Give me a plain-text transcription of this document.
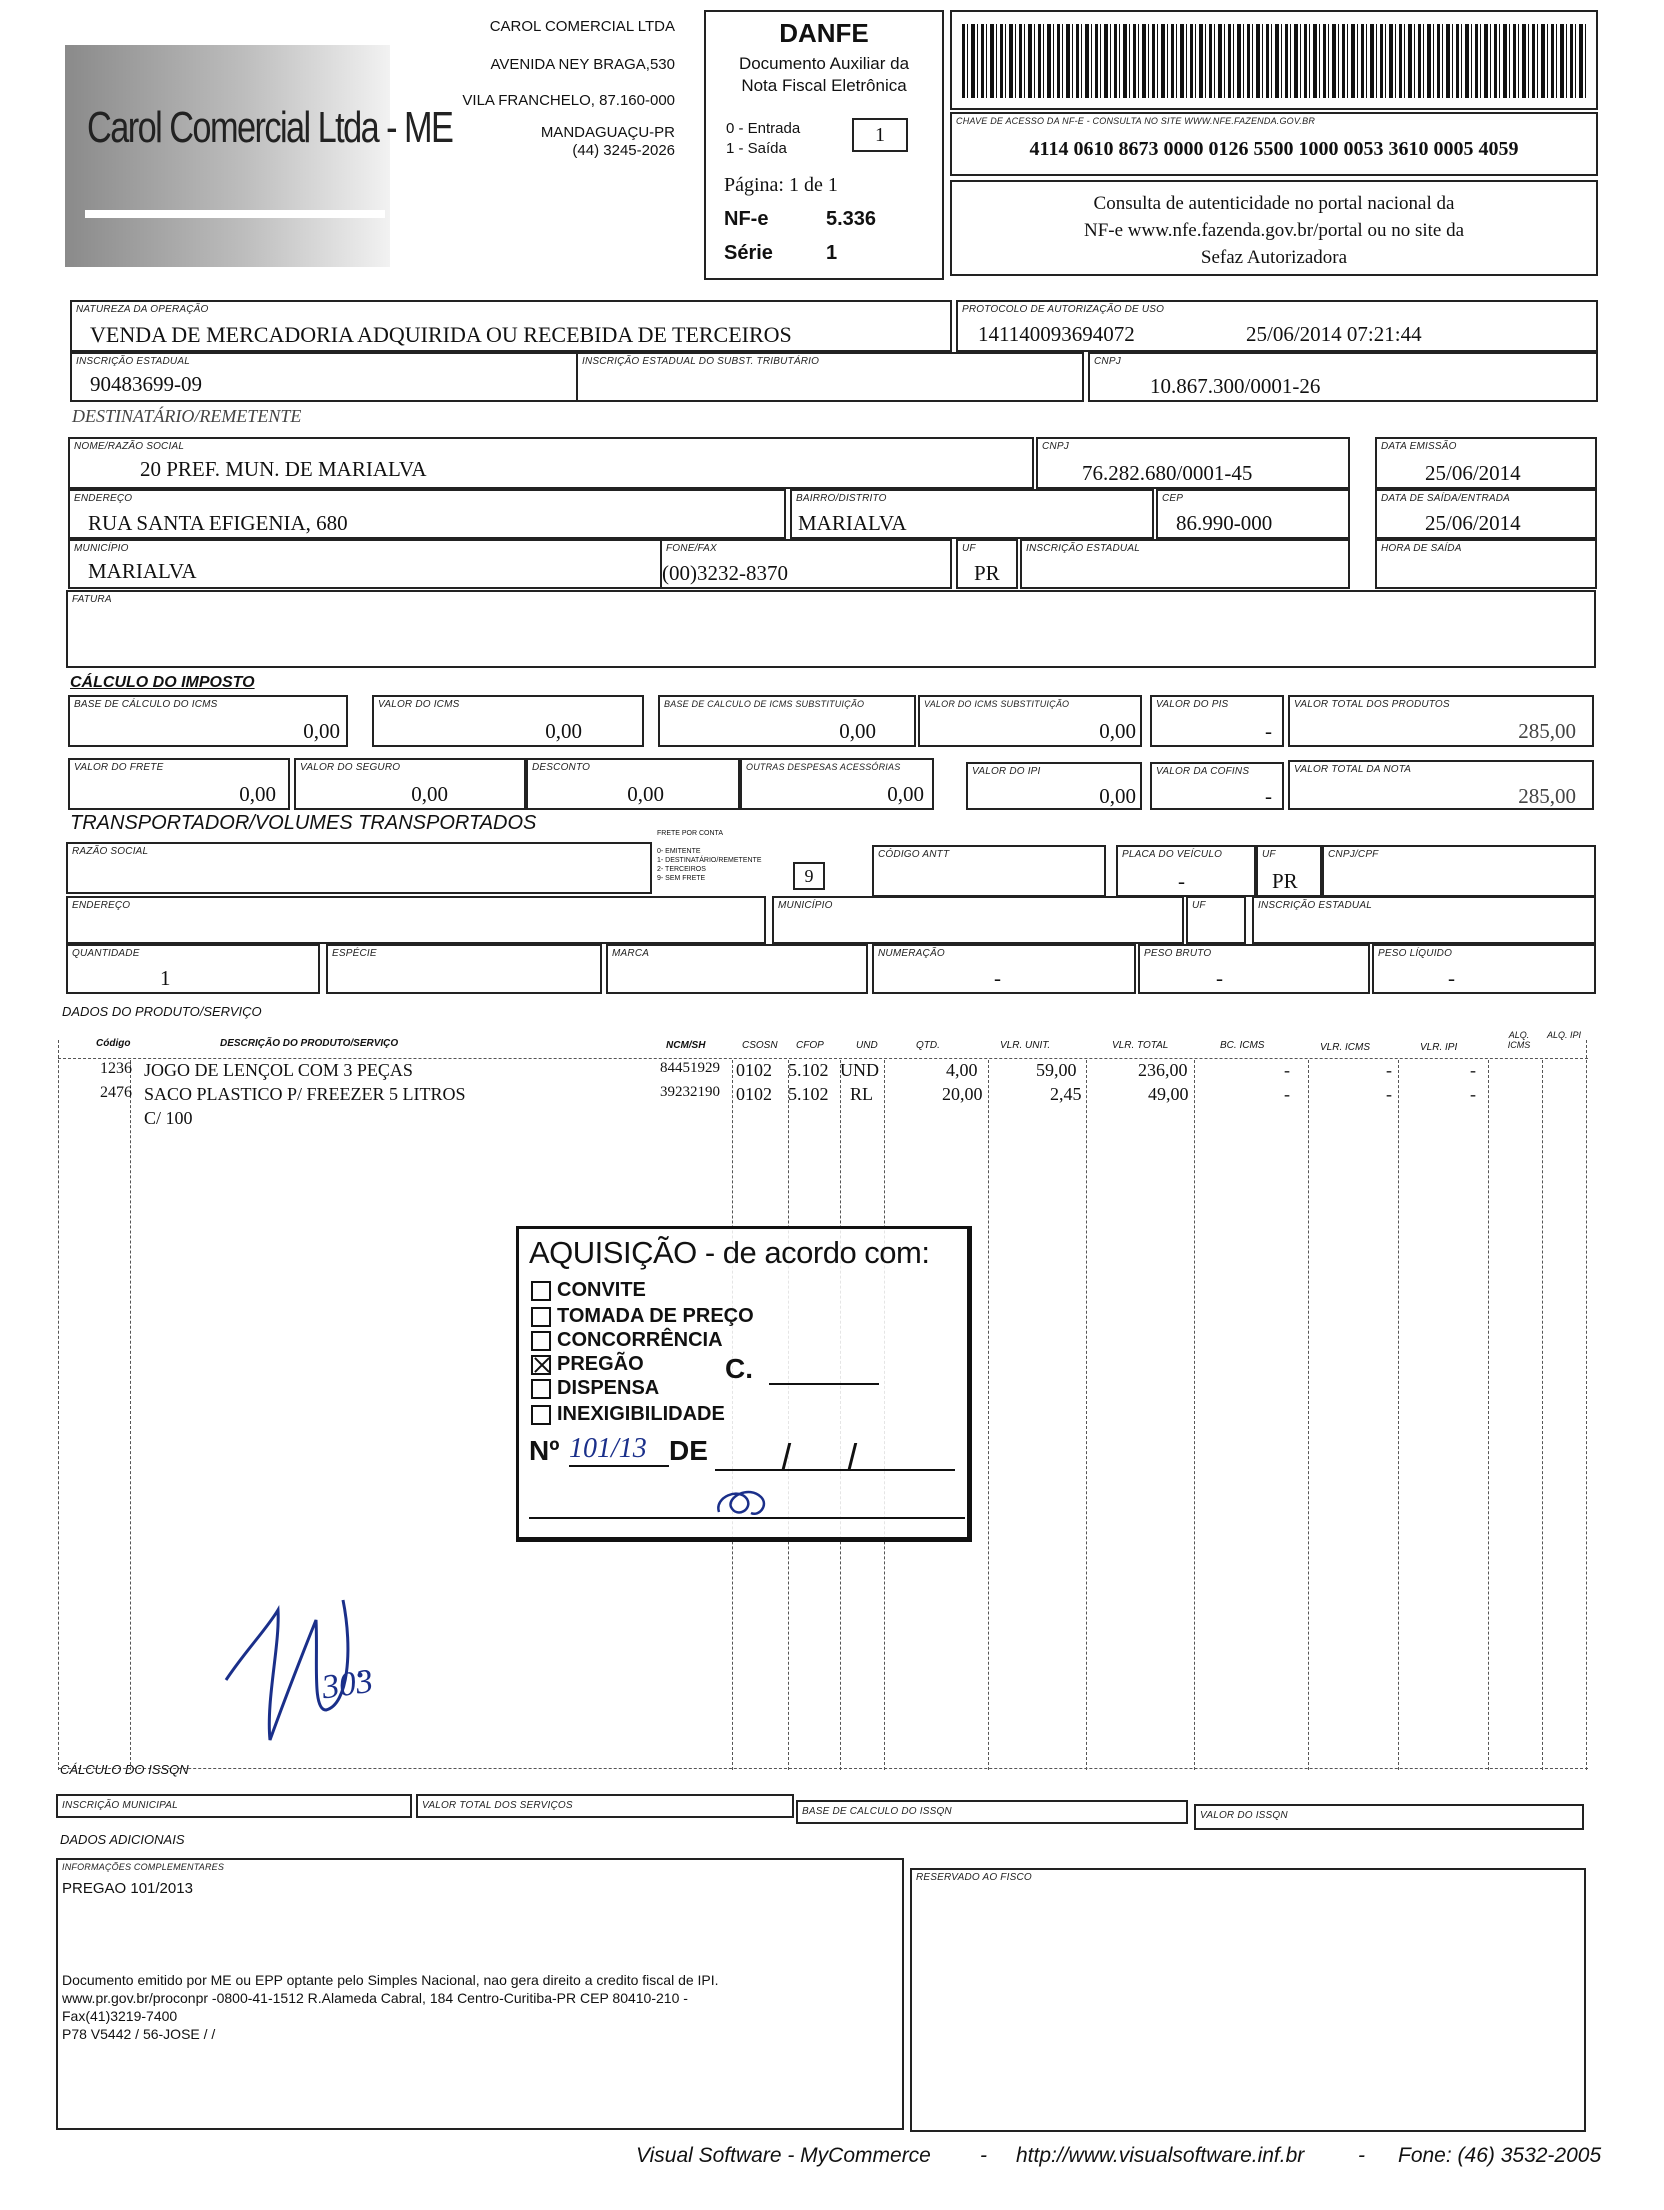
Carol Comercial Ltda - ME
CAROL COMERCIAL LTDA
AVENIDA NEY BRAGA,530
VILA FRANCHELO, 87.160-000
MANDAGUAÇU-PR
(44) 3245-2026
DANFE
Documento Auxiliar da
Nota Fiscal Eletrônica
0 - Entrada
1 - Saída
1
Página: 1 de 1
NF-e	5.336
Série	1
CHAVE DE ACESSO DA NF-E - CONSULTA NO SITE WWW.NFE.FAZENDA.GOV.BR
4114 0610 8673 0000 0126 5500 1000 0053 3610 0005 4059
Consulta de autenticidade no portal nacional da
NF-e www.nfe.fazenda.gov.br/portal ou no site da
Sefaz Autorizadora
NATUREZA DA OPERAÇÃO
VENDA DE MERCADORIA ADQUIRIDA OU RECEBIDA DE TERCEIROS
PROTOCOLO DE AUTORIZAÇÃO DE USO
141140093694072	25/06/2014 07:21:44
INSCRIÇÃO ESTADUAL
90483699-09
INSCRIÇÃO ESTADUAL DO SUBST. TRIBUTÁRIO	CNPJ
10.867.300/0001-26
DESTINATÁRIO/REMETENTE
NOME/RAZÃO SOCIAL
20 PREF. MUN. DE MARIALVA
CNPJ
76.282.680/0001-45
DATA EMISSÃO
25/06/2014
ENDEREÇO
RUA SANTA EFIGENIA, 680
BAIRRO/DISTRITO
MARIALVA
CEP
86.990-000
DATA DE SAÍDA/ENTRADA
25/06/2014
MUNICÍPIO
MARIALVA
FONE/FAX
(00)3232-8370
UF
PR
INSCRIÇÃO ESTADUAL	HORA DE SAÍDA
FATURA
CÁLCULO DO IMPOSTO
BASE DE CÁLCULO DO ICMS
0,00
VALOR DO ICMS
0,00
BASE DE CALCULO DE ICMS SUBSTITUIÇÃO
0,00
VALOR DO ICMS SUBSTITUIÇÃO
0,00
VALOR DO PIS
-
VALOR TOTAL DOS PRODUTOS
285,00
VALOR DO FRETE
0,00
VALOR DO SEGURO
0,00
DESCONTO
0,00
OUTRAS DESPESAS ACESSÓRIAS
0,00
VALOR DO IPI
0,00
VALOR DA COFINS
-
VALOR TOTAL DA NOTA
285,00
TRANSPORTADOR/VOLUMES TRANSPORTADOS
RAZÃO SOCIAL
FRETE POR CONTA
0- EMITENTE
1- DESTINATÁRIO/REMETENTE
2- TERCEIROS
9- SEM FRETE	9
CÓDIGO ANTT	PLACA DO VEÍCULO
-
UF
PR
CNPJ/CPF
ENDEREÇO	MUNICÍPIO	UF	INSCRIÇÃO ESTADUAL
QUANTIDADE
1
ESPÉCIE	MARCA	NUMERAÇÃO
-
PESO BRUTO
-
PESO LÍQUIDO
-
DADOS DO PRODUTO/SERVIÇO
Código	DESCRIÇÃO DO PRODUTO/SERVIÇO	NCM/SH	CSOSN CFOP	UND	QTD.	VLR. UNIT.	VLR. TOTAL	BC. ICMS	VLR. ICMS	VLR. IPI
ALQ. ICMS
ALQ. IPI
1236 JOGO DE LENÇOL COM 3 PEÇAS	84451929 0102 5.102 UND	4,00	59,00	236,00	-	-	-
2476 SACO PLASTICO P/ FREEZER 5 LITROS	39232190 0102 5.102 RL	20,00	2,45	49,00	-	-	-
C/ 100
AQUISIÇÃO - de acordo com:
CONVITE
TOMADA DE PREÇO
CONCORRÊNCIA
PREGÃO
DISPENSA
INEXIGIBILIDADE
C.
Nº 101/13 DE
303
CÁLCULO DO ISSQN
INSCRIÇÃO MUNICIPAL	VALOR TOTAL DOS SERVIÇOS
BASE DE CALCULO DO ISSQN	VALOR DO ISSQN
DADOS ADICIONAIS
INFORMAÇÕES COMPLEMENTARES
PREGAO 101/2013
Documento emitido por ME ou EPP optante pelo Simples Nacional, nao gera direito a credito fiscal de IPI.
www.pr.gov.br/proconpr -0800-41-1512 R.Alameda Cabral, 184 Centro-Curitiba-PR CEP 80410-210 -
Fax(41)3219-7400
P78 V5442 / 56-JOSE / /
RESERVADO AO FISCO
Visual Software - MyCommerce - http://www.visualsoftware.inf.br	- Fone: (46) 3532-2005
